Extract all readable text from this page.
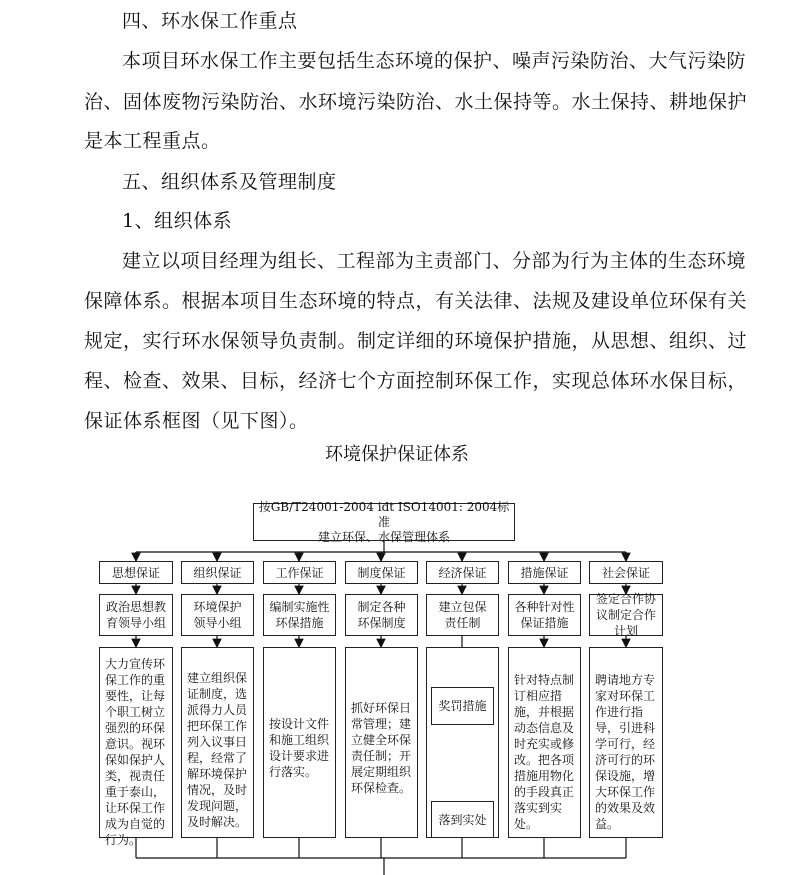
四、环水保工作重点
本项目环水保工作主要包括生态环境的保护、噪声污染防治、大气污染防
治、固体废物污染防治、水环境污染防治、水土保持等。水土保持、耕地保护
是本工程重点。
五、组织体系及管理制度
1、组织体系
建立以项目经理为组长、工程部为主责部门、分部为行为主体的生态环境
保障体系。根据本项目生态环境的特点，有关法律、法规及建设单位环保有关
规定，实行环水保领导负责制。制定详细的环境保护措施，从思想、组织、过
程、检查、效果、目标，经济七个方面控制环保工作，实现总体环水保目标，
保证体系框图（见下图）。
环境保护保证体系
按GB/T24001-2004 idt ISO14001: 2004标准
建立环保、水保管理体系
思想保证	组织保证	工作保证	制度保证	经济保证	措施保证	社会保证
政治思想教育领导小组
环境保护领导小组
编制实施性环保措施
制定各种环保制度
建立包保责任制
各种针对性保证措施
签定合作协议制定合作计划
大力宣传环保工作的重要性，让每个职工树立强烈的环保意识。视环保如保护人类，视责任重于泰山，让环保工作成为自觉的行为。
建立组织保证制度，选派得力人员把环保工作列入议事日程，经常了解环境保护情况，及时发现问题，及时解决。
按设计文件和施工组织设计要求进行落实。
抓好环保日常管理；建立健全环保责任制；开展定期组织环保检查。
奖罚措施
落到实处
针对特点制订相应措施，并根据动态信息及时充实或修改。把各项措施用物化的手段真正落实到实处。
聘请地方专家对环保工作进行指导，引进科学可行，经济可行的环保设施，增大环保工作的效果及效益。
